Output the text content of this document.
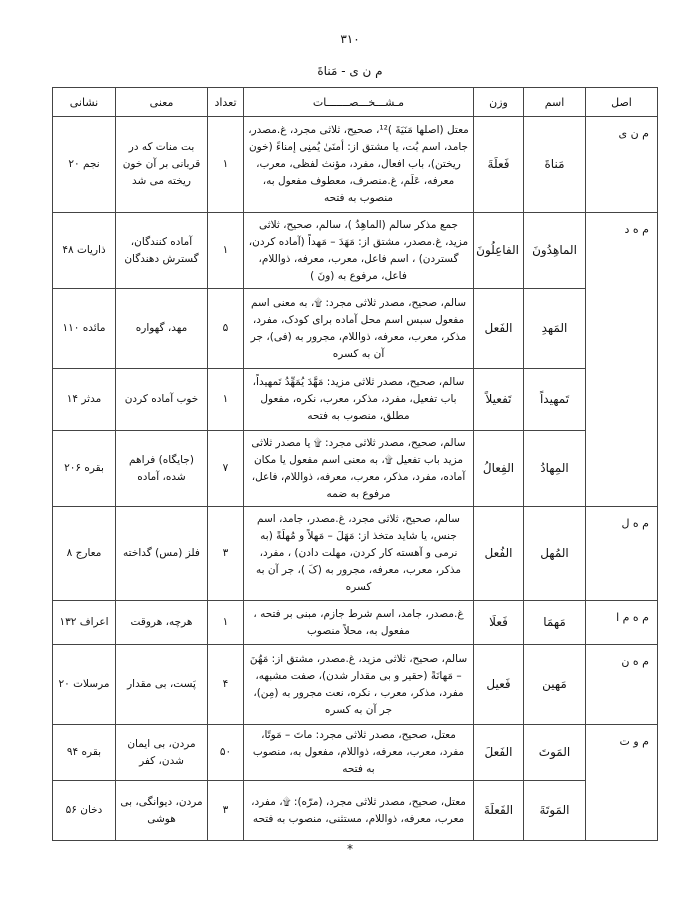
۳۱۰
م ن ی - مَناةَ
اصل	اسم	وزن	مـشـــخـــصـــــــات	تعداد	معنی	نشانی
م ن ی	مَناةَ	فَعلَةَ	معتل (اصلها مَنَيَةَ )¹²، صحیح، ثلاثی مجرد، غ.مصدر، جامد، اسم بُت، یا مشتق از: أمنَیٰ يُمنِی إمناءً (خون ریختن)، باب افعال، مفرد، مؤنث لفظی، معرب، معرفه، عَلَم، غ.منصرف، معطوف مفعول به، منصوب به فتحه	۱	بت منات که در قربانی بر آن خون ریخته می شد	نجم ۲۰
م ه د	الماهِدُونَ	الفاعِلُونَ	جمع مذکر سالم (الماهِدُ )، سالم، صحیح، ثلاثی مزید، غ.مصدر، مشتق از: مَهَدَ – مَهداً (آماده کردن، گستردن) ، اسم فاعل، معرب، معرفه، ذواللام، فاعل، مرفوع به (ونَ )	۱	آماده کنندگان، گسترش دهندگان	ذاریات ۴۸
	المَهدِ	الفَعل	سالم، صحیح، مصدر ثلاثی مجرد: ۩، به معنی اسم مفعول سبس اسم محل آماده برای کودک، مفرد، مذکر، معرب، معرفه، ذواللام، مجرور به (فی)، جر آن به کسره	۵	مهد، گهواره	مائده ۱۱۰
	تَمهیداً	تَفعیلاً	سالم، صحیح، مصدر ثلاثی مزید: مَهَّدَ يُمَهِّدُ تَمهیداً، باب تفعیل، مفرد، مذکر، معرب، نکره، مفعول مطلق، منصوب به فتحه	۱	خوب آماده کردن	مدثر ۱۴
	المِهادُ	الفِعالُ	سالم، صحیح، مصدر ثلاثی مجرد: ۩ یا مصدر ثلاثی مزید باب تفعیل ۩، به معنی اسم مفعول یا مکان آماده، مفرد، مذکر، معرب، معرفه، ذواللام، فاعل، مرفوع به ضمه	۷	(جایگاه) فراهم شده، آماده	بقره ۲۰۶
م ه ل	المُهل	الفُعل	سالم، صحیح، ثلاثی مجرد، غ.مصدر، جامد، اسم جنس، یا شاید متخذ از: مَهَلَ – مَهلاً و مُهلَةً (به نرمی و آهسته کار کردن، مهلت دادن) ، مفرد، مذکر، معرب، معرفه، مجرور به (کَ )، جر آن به کسره	۳	فلز (مس) گداخته	معارج ۸
م ه م ا	مَهمَا	فَعلَا	غ.مصدر، جامد، اسم شرط جازم، مبنی بر فتحه ، مفعول به، محلاً منصوب	۱	هرچه، هروقت	اعراف ۱۳۲
م ه ن	مَهین	فَعیل	سالم، صحیح، ثلاثی مزید، غ.مصدر، مشتق از: مَهُنَ – مَهانَةً (حقیر و بی مقدار شدن)، صفت مشبهه، مفرد، مذکر، معرب ، نکره، نعت مجرور به (مِن)، جر آن به کسره	۴	پَست، بی مقدار	مرسلات ۲۰
م و ت	المَوتَ	الفَعلَ	معتل، صحیح، مصدر ثلاثی مجرد: ماتَ – مَوتًا، مفرد، معرب، معرفه، ذواللام، مفعول به، منصوب به فتحه	۵۰	مردن، بی ایمان شدن، کفر	بقره ۹۴
	المَوتَةَ	الفَعلَةَ	معتل، صحیح، مصدر ثلاثی مجرد، (مرّه): ۩، مفرد، معرب، معرفه، ذواللام، مستثنی، منصوب به فتحه	۳	مردن، دیوانگی، بی هوشی	دخان ۵۶
*
